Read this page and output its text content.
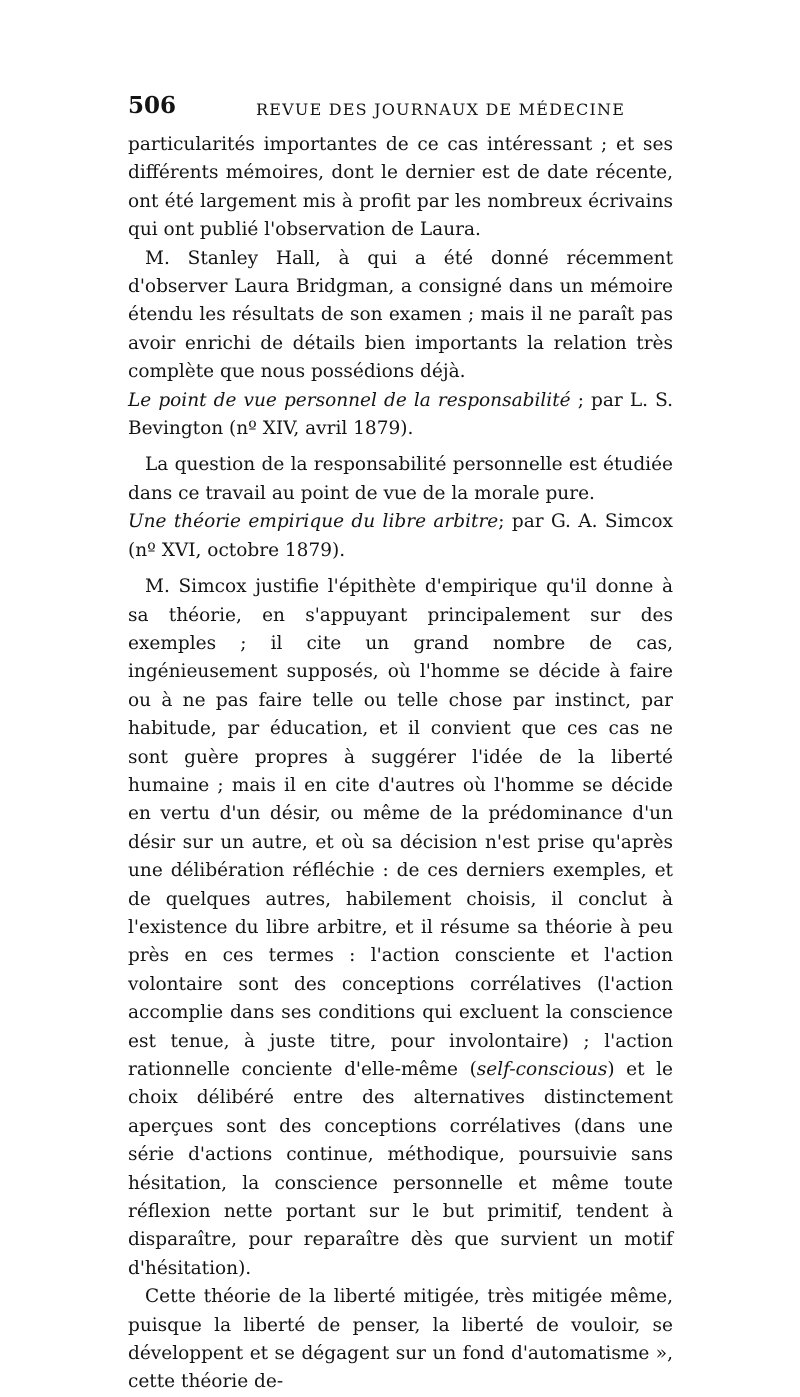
506	REVUE DES JOURNAUX DE MÉDECINE

particularités importantes de ce cas intéressant ; et ses différents mémoires, dont le dernier est de date récente, ont été largement mis à profit par les nombreux écrivains qui ont publié l'observation de Laura.

M. Stanley Hall, à qui a été donné récemment d'observer Laura Bridgman, a consigné dans un mémoire étendu les résultats de son examen ; mais il ne paraît pas avoir enrichi de détails bien importants la relation très complète que nous possédions déjà.

Le point de vue personnel de la responsabilité ; par L. S. Bevington (nº XIV, avril 1879).

La question de la responsabilité personnelle est étudiée dans ce travail au point de vue de la morale pure.

Une théorie empirique du libre arbitre; par G. A. Simcox (nº XVI, octobre 1879).

M. Simcox justifie l'épithète d'empirique qu'il donne à sa théorie, en s'appuyant principalement sur des exemples ; il cite un grand nombre de cas, ingénieusement supposés, où l'homme se décide à faire ou à ne pas faire telle ou telle chose par instinct, par habitude, par éducation, et il convient que ces cas ne sont guère propres à suggérer l'idée de la liberté humaine ; mais il en cite d'autres où l'homme se décide en vertu d'un désir, ou même de la prédominance d'un désir sur un autre, et où sa décision n'est prise qu'après une délibération réfléchie : de ces derniers exemples, et de quelques autres, habilement choisis, il conclut à l'existence du libre arbitre, et il résume sa théorie à peu près en ces termes : l'action consciente et l'action volontaire sont des conceptions corrélatives (l'action accomplie dans ses conditions qui excluent la conscience est tenue, à juste titre, pour involontaire) ; l'action rationnelle conciente d'elle-même (self-conscious) et le choix délibéré entre des alternatives distinctement aperçues sont des conceptions corrélatives (dans une série d'actions continue, méthodique, poursuivie sans hésitation, la conscience personnelle et même toute réflexion nette portant sur le but primitif, tendent à disparaître, pour reparaître dès que survient un motif d'hésitation).

Cette théorie de la liberté mitigée, très mitigée même, puisque la liberté de penser, la liberté de vouloir, se développent et se dégagent sur un fond d'automatisme », cette théorie de-
